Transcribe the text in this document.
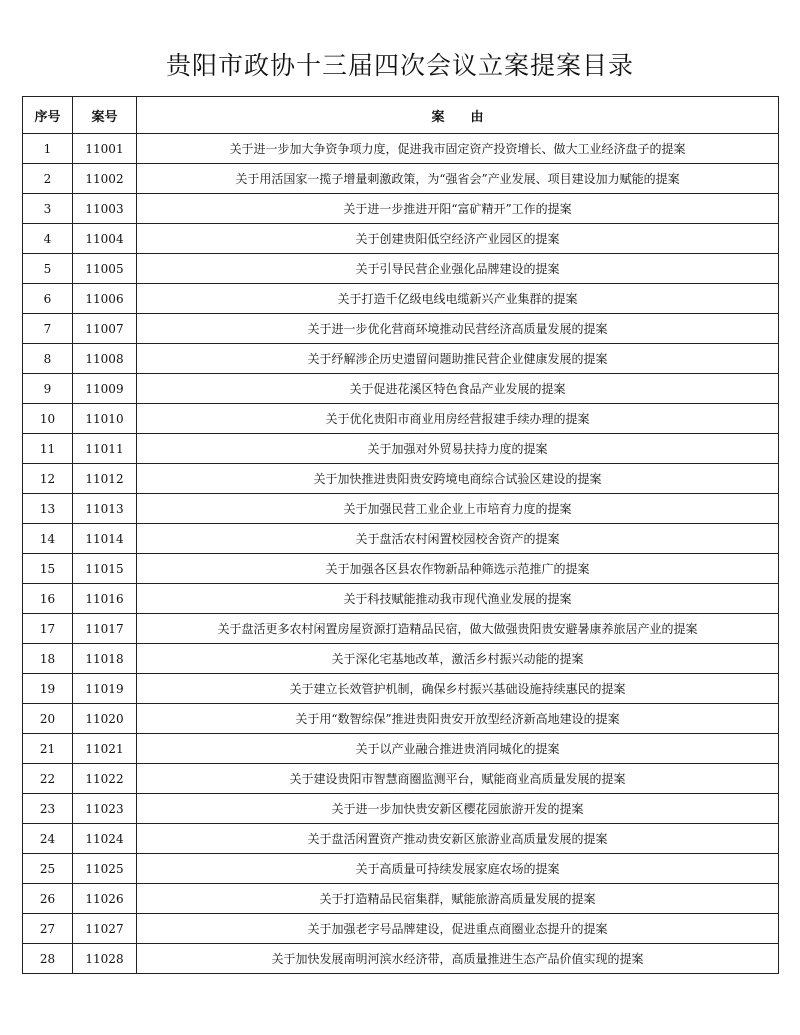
贵阳市政协十三届四次会议立案提案目录
序号	案号	案由
1	11001	关于进一步加大争资争项力度，促进我市固定资产投资增长、做大工业经济盘子的提案
2	11002	关于用活国家一揽子增量刺激政策，为“强省会”产业发展、项目建设加力赋能的提案
3	11003	关于进一步推进开阳“富矿精开”工作的提案
4	11004	关于创建贵阳低空经济产业园区的提案
5	11005	关于引导民营企业强化品牌建设的提案
6	11006	关于打造千亿级电线电缆新兴产业集群的提案
7	11007	关于进一步优化营商环境推动民营经济高质量发展的提案
8	11008	关于纾解涉企历史遗留问题助推民营企业健康发展的提案
9	11009	关于促进花溪区特色食品产业发展的提案
10	11010	关于优化贵阳市商业用房经营报建手续办理的提案
11	11011	关于加强对外贸易扶持力度的提案
12	11012	关于加快推进贵阳贵安跨境电商综合试验区建设的提案
13	11013	关于加强民营工业企业上市培育力度的提案
14	11014	关于盘活农村闲置校园校舍资产的提案
15	11015	关于加强各区县农作物新品种筛选示范推广的提案
16	11016	关于科技赋能推动我市现代渔业发展的提案
17	11017	关于盘活更多农村闲置房屋资源打造精品民宿，做大做强贵阳贵安避暑康养旅居产业的提案
18	11018	关于深化宅基地改革，激活乡村振兴动能的提案
19	11019	关于建立长效管护机制，确保乡村振兴基础设施持续惠民的提案
20	11020	关于用“数智综保”推进贵阳贵安开放型经济新高地建设的提案
21	11021	关于以产业融合推进贵消同城化的提案
22	11022	关于建设贵阳市智慧商圈监测平台，赋能商业高质量发展的提案
23	11023	关于进一步加快贵安新区樱花园旅游开发的提案
24	11024	关于盘活闲置资产推动贵安新区旅游业高质量发展的提案
25	11025	关于高质量可持续发展家庭农场的提案
26	11026	关于打造精品民宿集群，赋能旅游高质量发展的提案
27	11027	关于加强老字号品牌建设，促进重点商圈业态提升的提案
28	11028	关于加快发展南明河滨水经济带，高质量推进生态产品价值实现的提案
